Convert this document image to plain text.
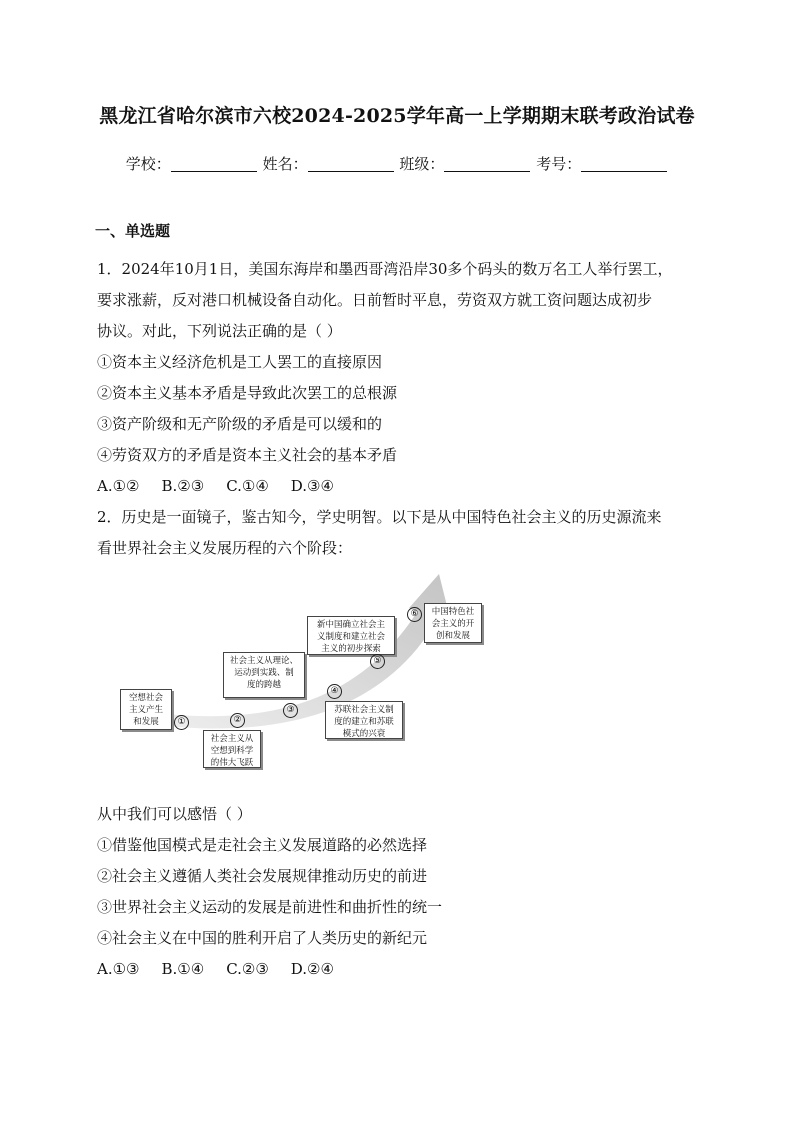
黑龙江省哈尔滨市六校2024-2025学年高一上学期期末联考政治试卷
学校：	姓名：	班级：	考号：
一、单选题
1．2024年10月1日，美国东海岸和墨西哥湾沿岸30多个码头的数万名工人举行罢工，
要求涨薪，反对港口机械设备自动化。日前暂时平息，劳资双方就工资问题达成初步
协议。对此，下列说法正确的是（ ）
①资本主义经济危机是工人罢工的直接原因
②资本主义基本矛盾是导致此次罢工的总根源
③资产阶级和无产阶级的矛盾是可以缓和的
④劳资双方的矛盾是资本主义社会的基本矛盾
A.①② B.②③ C.①④ D.③④
2．历史是一面镜子，鉴古知今，学史明智。以下是从中国特色社会主义的历史源流来
看世界社会主义发展历程的六个阶段：
空想社会
主义产生
和发展
社会主义从
空想到科学
的伟大飞跃
社会主义从理论、
运动到实践、制
度的跨越
苏联社会主义制
度的建立和苏联
模式的兴衰
新中国确立社会主
义制度和建立社会
主义的初步探索
中国特色社
会主义的开
创和发展
①	②
③
④
⑤
⑥
从中我们可以感悟（ ）
①借鉴他国模式是走社会主义发展道路的必然选择
②社会主义遵循人类社会发展规律推动历史的前进
③世界社会主义运动的发展是前进性和曲折性的统一
④社会主义在中国的胜利开启了人类历史的新纪元
A.①③ B.①④ C.②③ D.②④
